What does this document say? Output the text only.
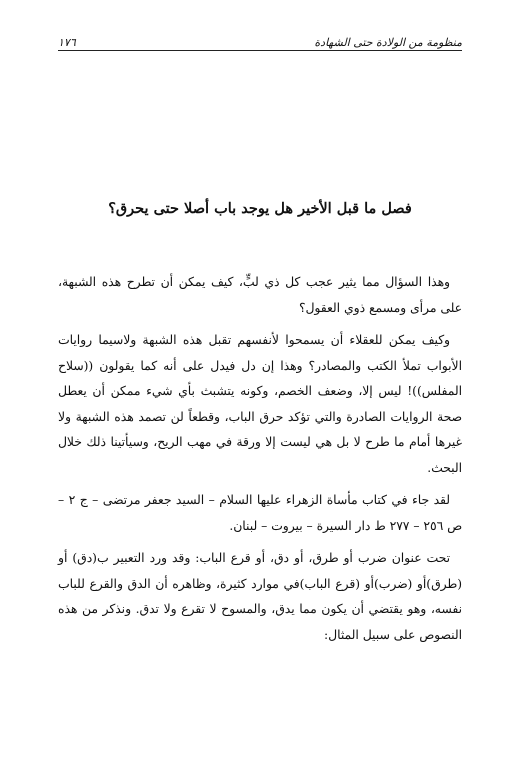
منظومة من الولادة حتى الشهادة
١٧٦
فصل ما قبل الأخير هل يوجد باب أصلا حتى يحرق؟

وهذا السؤال مما يثير عجب كل ذي لبٍّ، كيف يمكن أن تطرح هذه الشبهة، على مرأى ومسمع ذوي العقول؟

وكيف يمكن للعقلاء أن يسمحوا لأنفسهم تقبل هذه الشبهة ولاسيما روايات الأبواب تملأ الكتب والمصادر؟ وهذا إن دل فيدل على أنه كما يقولون ((سلاح المفلس))! ليس إلا، وضعف الخصم، وكونه يتشبث بأي شيء ممكن أن يعطل صحة الروايات الصادرة والتي تؤكد حرق الباب، وقطعاً لن تصمد هذه الشبهة ولا غيرها أمام ما طرح لا بل هي ليست إلا ورقة في مهب الريح، وسيأتينا ذلك خلال البحث.

لقد جاء في كتاب مأساة الزهراء عليها السلام – السيد جعفر مرتضى – ج ٢ – ص ٢٥٦ – ٢٧٧ ط دار السيرة – بيروت – لبنان.

تحت عنوان ضرب أو طرق، أو دق، أو قرع الباب: وقد ورد التعبير ب(دق) أو (طرق)أو (ضرب)أو (قرع الباب)في موارد كثيرة، وظاهره أن الدق والقرع للباب نفسه، وهو يقتضي أن يكون مما يدق، والمسوح لا تقرع ولا تدق. ونذكر من هذه النصوص على سبيل المثال:
